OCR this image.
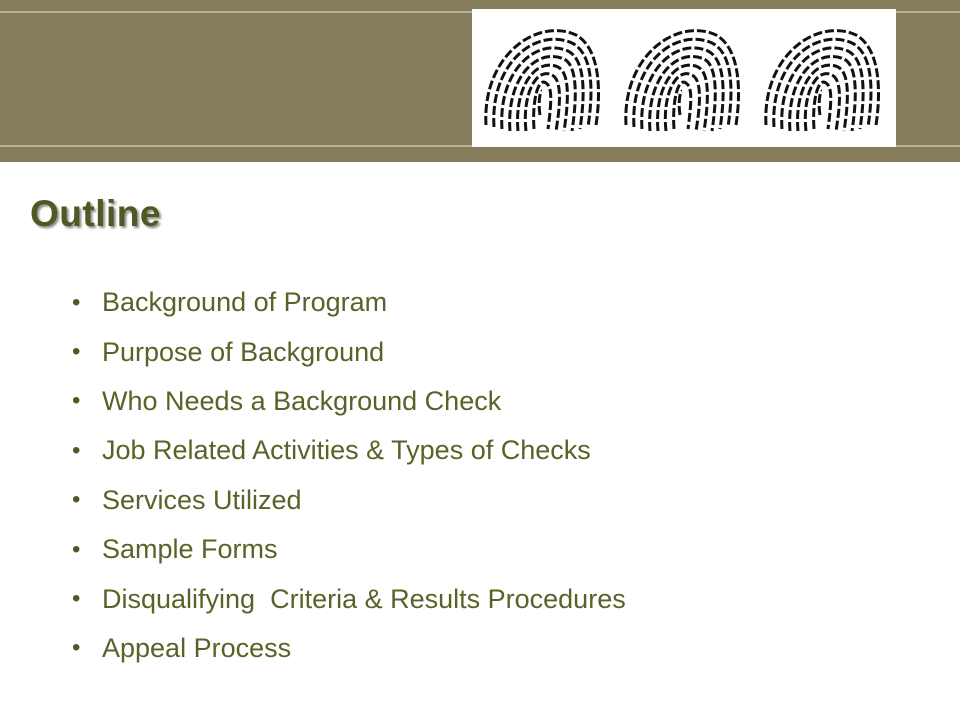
Outline
• Background of Program
• Purpose of Background
• Who Needs a Background Check
• Job Related Activities & Types of Checks
• Services Utilized
• Sample Forms
• Disqualifying  Criteria & Results Procedures
• Appeal Process
